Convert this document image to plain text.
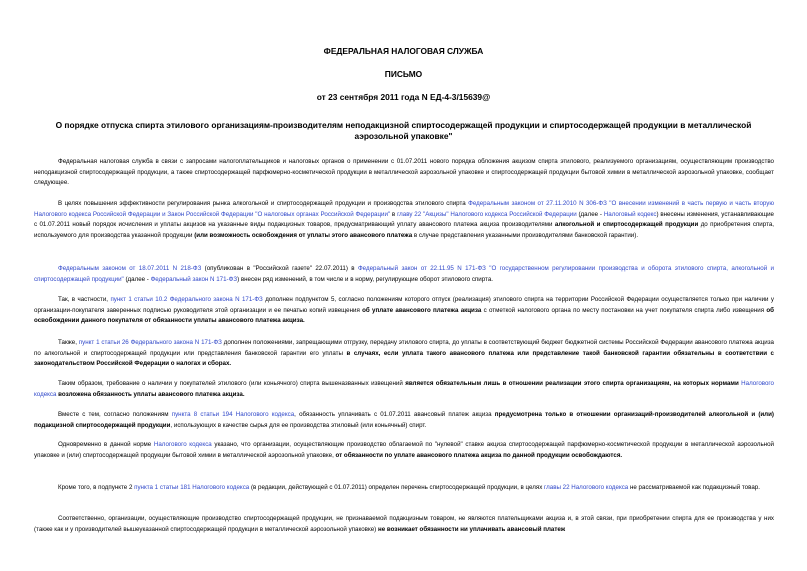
ФЕДЕРАЛЬНАЯ НАЛОГОВАЯ СЛУЖБА
ПИСЬМО
от 23 сентября 2011 года N ЕД-4-3/15639@
О порядке отпуска спирта этилового организациям-производителям неподакцизной спиртосодержащей продукции и спиртосодержащей продукции в металлической аэрозольной упаковке"
Федеральная налоговая служба в связи с запросами налогоплательщиков и налоговых органов о применении с 01.07.2011 нового порядка обложения акцизом спирта этилового, реализуемого организациям, осуществляющим производство неподакцизной спиртосодержащей продукции, а также спиртосодержащей парфюмерно-косметической продукции в металлической аэрозольной упаковке и спиртосодержащей продукции бытовой химии в металлической аэрозольной упаковке, сообщает следующее.
В целях повышения эффективности регулирования рынка алкогольной и спиртосодержащей продукции и производства этилового спирта Федеральным законом от 27.11.2010 N 306-ФЗ "О внесении изменений в часть первую и часть вторую Налогового кодекса Российской Федерации и Закон Российской Федерации "О налоговых органах Российской Федерации" в главу 22 "Акцизы" Налогового кодекса Российской Федерации (далее - Налоговый кодекс) внесены изменения, устанавливающие с 01.07.2011 новый порядок исчисления и уплаты акцизов на указанные виды подакцизных товаров, предусматривающий уплату авансового платежа акциза производителями алкогольной и спиртосодержащей продукции до приобретения спирта, используемого для производства указанной продукции (или возможность освобождения от уплаты этого авансового платежа в случае представления указанными производителями банковской гарантии).
Федеральным законом от 18.07.2011 N 218-ФЗ (опубликован в "Российской газете" 22.07.2011) в Федеральный закон от 22.11.95 N 171-ФЗ "О государственном регулировании производства и оборота этилового спирта, алкогольной и спиртосодержащей продукции" (далее - Федеральный закон N 171-ФЗ) внесен ряд изменений, в том числе и в норму, регулирующие оборот этилового спирта.
Так, в частности, пункт 1 статьи 10.2 Федерального закона N 171-ФЗ дополнен подпунктом 5, согласно положениям которого отпуск (реализация) этилового спирта на территории Российской Федерации осуществляется только при наличии у организации-покупателя заверенных подписью руководителя этой организации и ее печатью копий извещения об уплате авансового платежа акциза с отметкой налогового органа по месту постановки на учет покупателя спирта либо извещения об освобождении данного покупателя от обязанности уплаты авансового платежа акциза.
Также, пункт 1 статьи 26 Федерального закона N 171-ФЗ дополнен положениями, запрещающими отгрузку, передачу этилового спирта, до уплаты в соответствующий бюджет бюджетной системы Российской Федерации авансового платежа акциза по алкогольной и спиртосодержащей продукции или представления банковской гарантии его уплаты в случаях, если уплата такого авансового платежа или представление такой банковской гарантии обязательны в соответствии с законодательством Российской Федерации о налогах и сборах.
Таким образом, требование о наличии у покупателей этилового (или коньячного) спирта вышеназванных извещений является обязательным лишь в отношении реализации этого спирта организациям, на которых нормами Налогового кодекса возложена обязанность уплаты авансового платежа акциза.
Вместе с тем, согласно положениям пункта 8 статьи 194 Налогового кодекса, обязанность уплачивать с 01.07.2011 авансовый платеж акциза предусмотрена только в отношении организаций-производителей алкогольной и (или) подакцизной спиртосодержащей продукции, использующих в качестве сырья для ее производства этиловый (или коньячный) спирт.
Одновременно в данной норме Налогового кодекса указано, что организации, осуществляющие производство облагаемой по "нулевой" ставке акциза спиртосодержащей парфюмерно-косметической продукции в металлической аэрозольной упаковке и (или) спиртосодержащей продукции бытовой химии в металлической аэрозольной упаковке, от обязанности по уплате авансового платежа акциза по данной продукции освобождаются.
Кроме того, в подпункте 2 пункта 1 статьи 181 Налогового кодекса (в редакции, действующей с 01.07.2011) определен перечень спиртосодержащей продукции, в целях главы 22 Налогового кодекса не рассматриваемой как подакцизный товар.
Соответственно, организации, осуществляющие производство спиртосодержащей продукции, не признаваемой подакцизным товаром, не являются плательщиками акциза и, в этой связи, при приобретении спирта для ее производства у них (также как и у производителей вышеуказанной спиртосодержащей продукции в металлической аэрозольной упаковке) не возникает обязанности ни уплачивать авансовый платеж
